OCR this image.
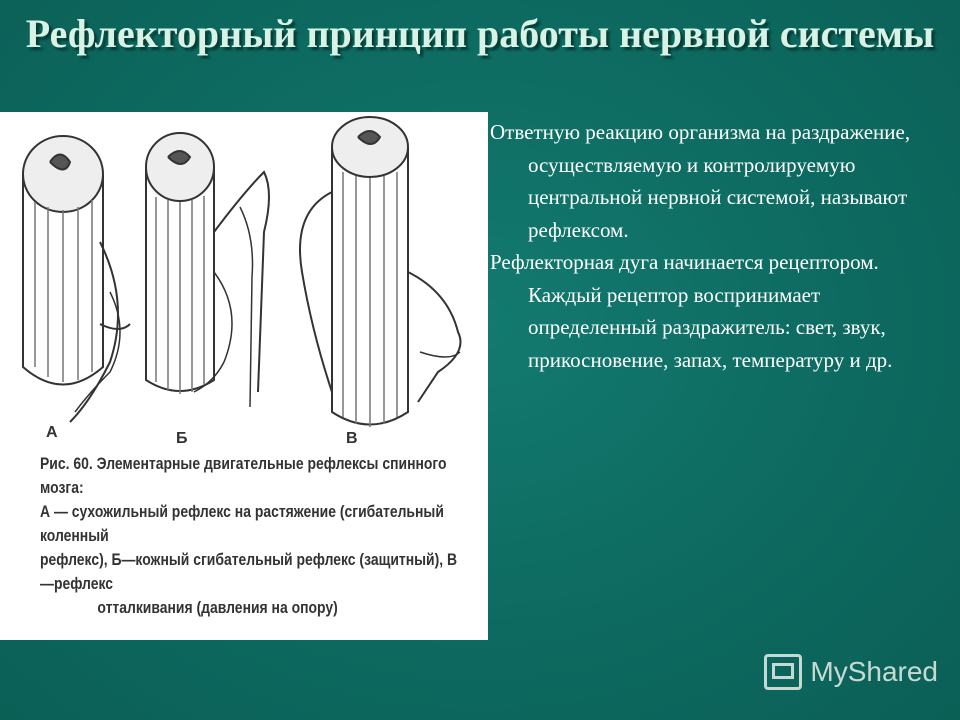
Рефлекторный принцип работы нервной системы
А	Б	В
Рис. 60. Элементарные двигательные рефлексы спинного мозга:
А — сухожильный рефлекс на растяжение (сгибательный коленный
рефлекс), Б—кожный сгибательный рефлекс (защитный), В—рефлекс
отталкивания (давления на опору)

Ответную реакцию организма на раздражение, осуществляемую и контролируемую центральной нервной системой, называют рефлексом.

Рефлекторная дуга начинается рецептором. Каждый рецептор воспринимает определенный раздражитель: свет, звук, прикосновение, запах, температуру и др.

MyShared
